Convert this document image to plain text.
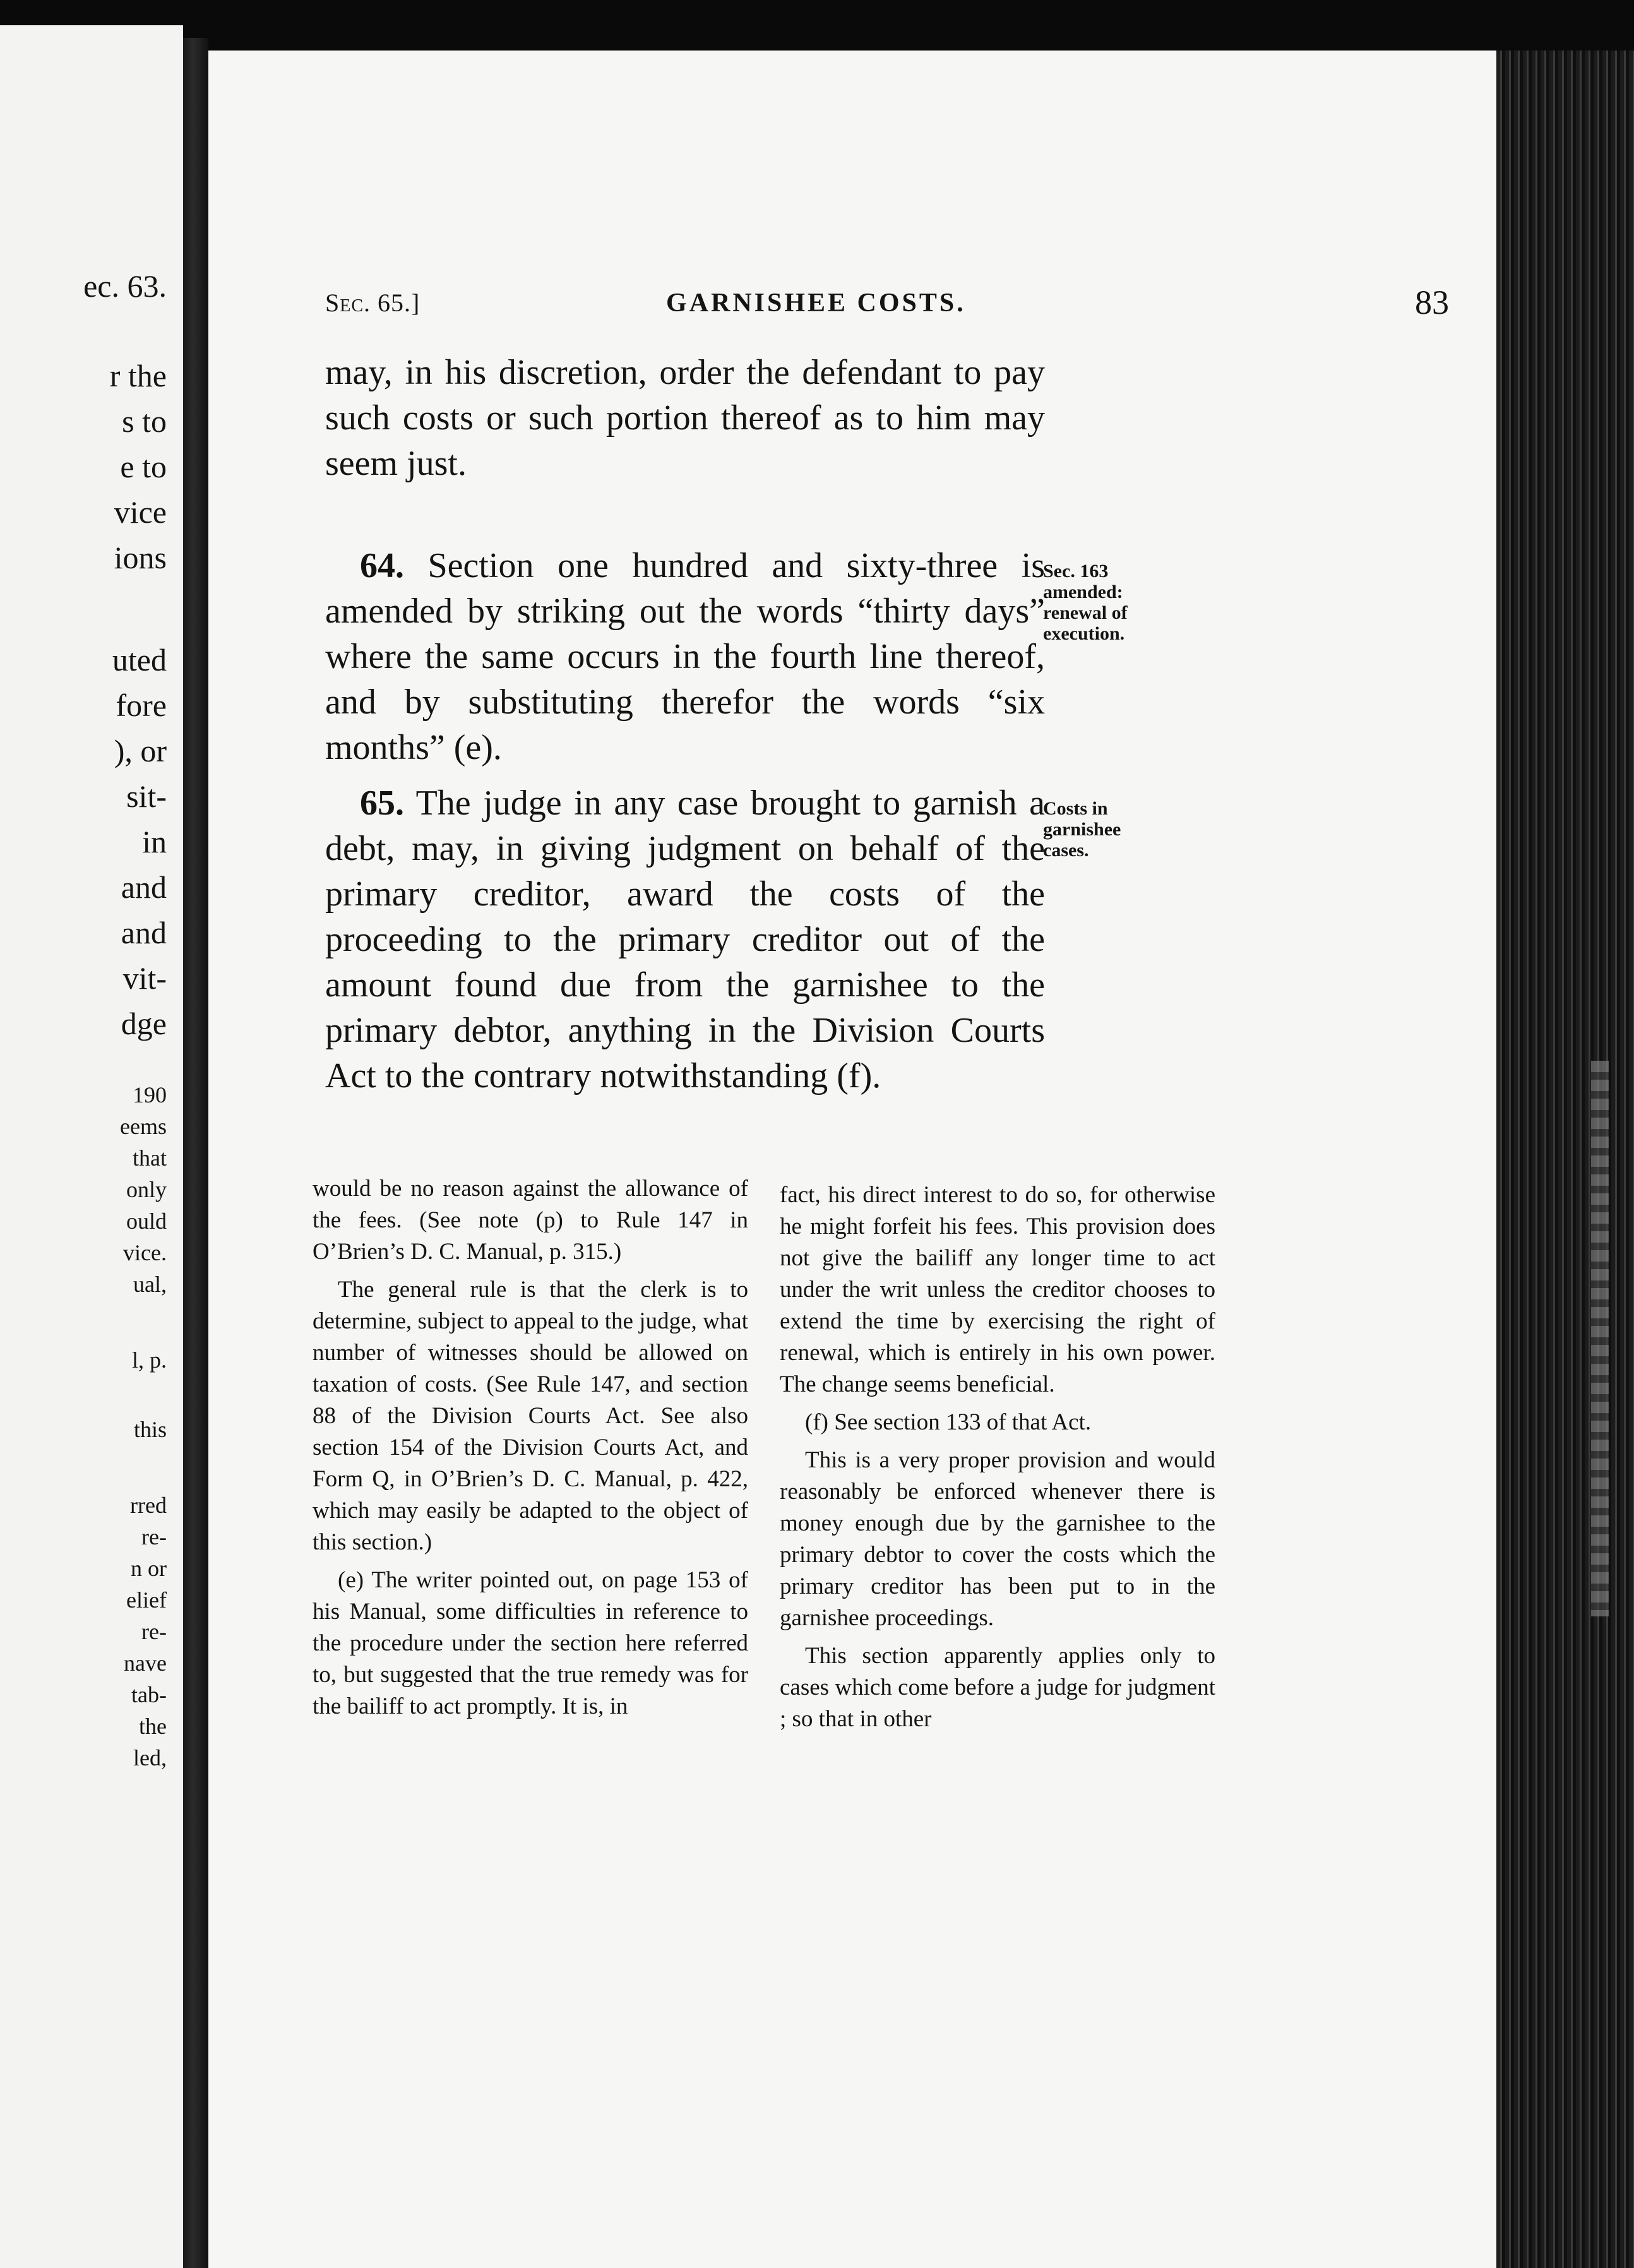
ec. 63.
r the
s to
e to
vice
ions
uted
fore
), or
sit-
in
and
and
vit-
dge
190
eems
that
only
ould
vice.
ual,
l, p.
this
rred
re-
n or
elief
re-
nave
tab-
the
led,
Sec. 65.]	GARNISHEE COSTS.	83

may, in his discretion, order the defendant to pay such costs or such portion thereof as to him may seem just.

64. Section one hundred and sixty-three is amended by striking out the words “thirty days” where the same occurs in the fourth line thereof, and by substituting therefor the words “six months” (e).

65. The judge in any case brought to garnish a debt, may, in giving judgment on behalf of the primary creditor, award the costs of the proceeding to the primary creditor out of the amount found due from the garnishee to the primary debtor, anything in the Division Courts Act to the contrary notwithstanding (f).

Sec. 163 amended: renewal of execution.
Costs in garnishee cases.

would be no reason against the allowance of the fees. (See note (p) to Rule 147 in O’Brien’s D. C. Manual, p. 315.)

The general rule is that the clerk is to determine, subject to appeal to the judge, what number of witnesses should be allowed on taxation of costs. (See Rule 147, and section 88 of the Division Courts Act. See also section 154 of the Division Courts Act, and Form Q, in O’Brien’s D. C. Manual, p. 422, which may easily be adapted to the object of this section.)

(e) The writer pointed out, on page 153 of his Manual, some difficulties in reference to the procedure under the section here referred to, but suggested that the true remedy was for the bailiff to act promptly. It is, in

fact, his direct interest to do so, for otherwise he might forfeit his fees. This provision does not give the bailiff any longer time to act under the writ unless the creditor chooses to extend the time by exercising the right of renewal, which is entirely in his own power. The change seems beneficial.

(f) See section 133 of that Act.

This is a very proper provision and would reasonably be enforced whenever there is money enough due by the garnishee to the primary debtor to cover the costs which the primary creditor has been put to in the garnishee proceedings.

This section apparently applies only to cases which come before a judge for judgment ; so that in other
